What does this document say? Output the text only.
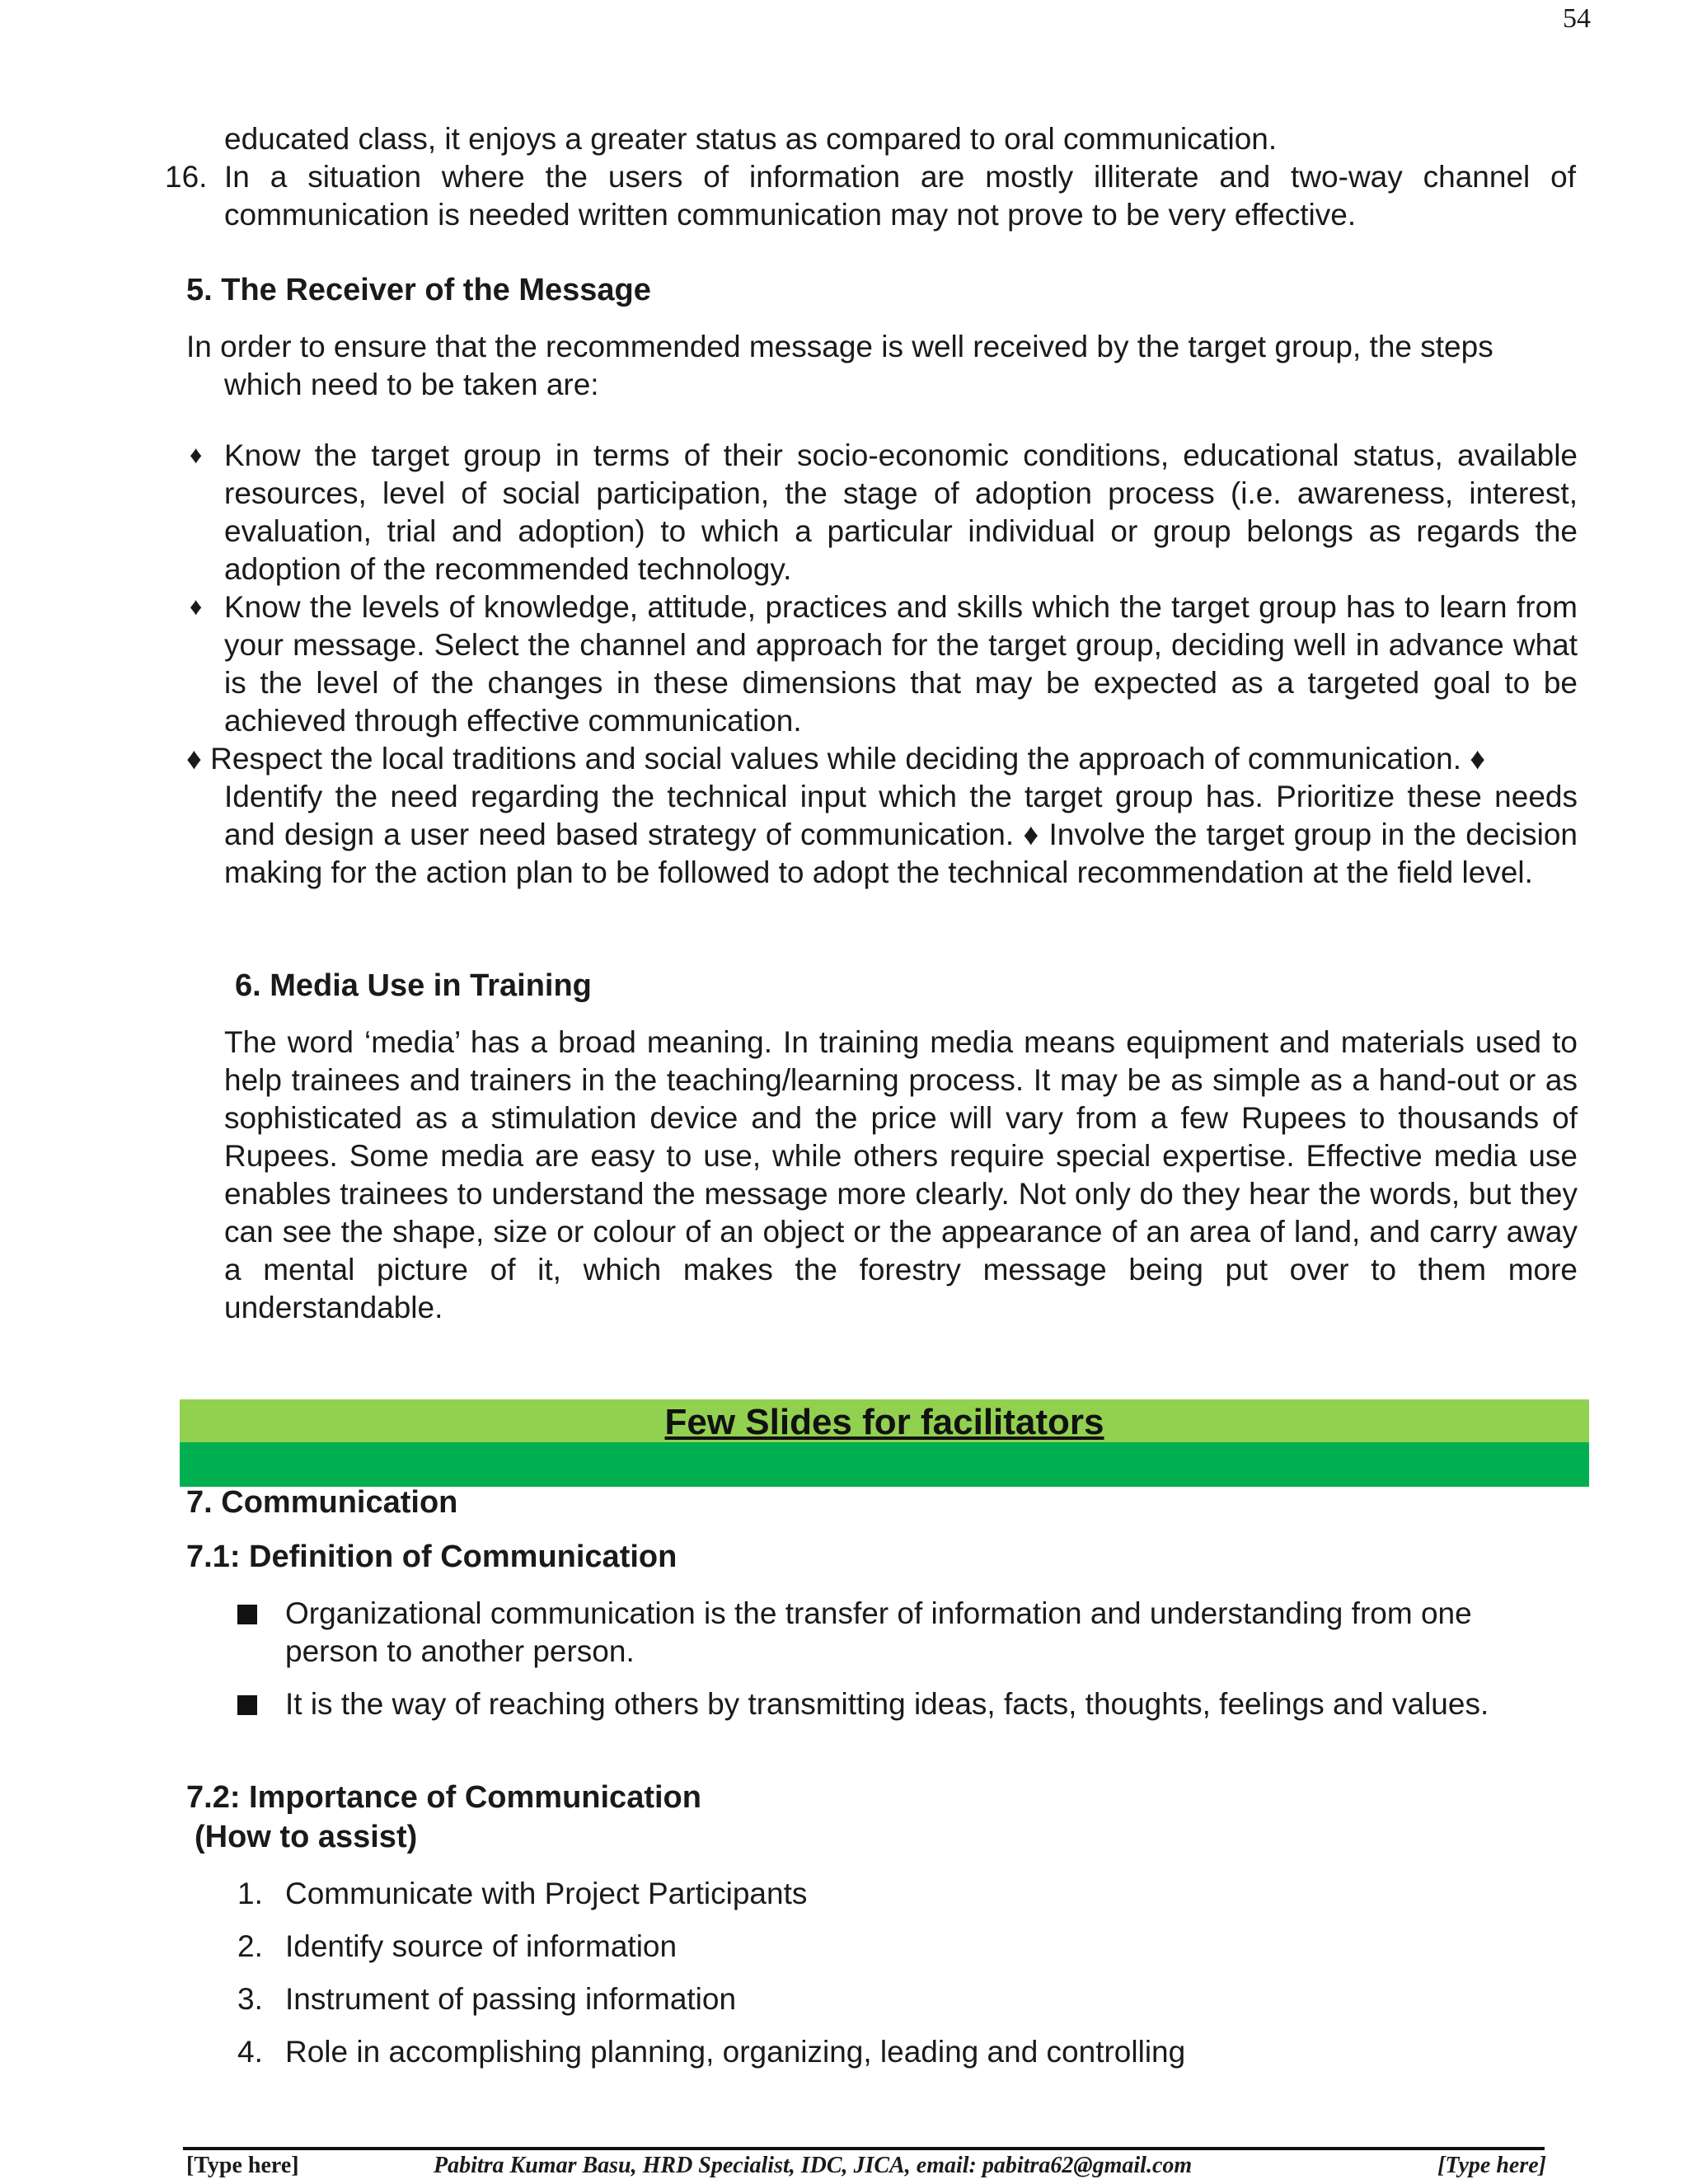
54

educated class, it enjoys a greater status as compared to oral communication.

16. In a situation where the users of information are mostly illiterate and two-way channel of communication is needed written communication may not prove to be very effective.
5. The Receiver of the Message

In order to ensure that the recommended message is well received by the target group, the steps
which need to be taken are:

♦ Know the target group in terms of their socio-economic conditions, educational status, available resources, level of social participation, the stage of adoption process (i.e. awareness, interest, evaluation, trial and adoption) to which a particular individual or group belongs as regards the adoption of the recommended technology.
♦ Know the levels of knowledge, attitude, practices and skills which the target group has to learn from your message. Select the channel and approach for the target group, deciding well in advance what is the level of the changes in these dimensions that may be expected as a targeted goal to be achieved through effective communication.
♦ Respect the local traditions and social values while deciding the approach of communication. ♦
Identify the need regarding the technical input which the target group has. Prioritize these needs and design a user need based strategy of communication. ♦ Involve the target group in the decision making for the action plan to be followed to adopt the technical recommendation at the field level.
6. Media Use in Training

The word ‘media’ has a broad meaning. In training media means equipment and materials used to help trainees and trainers in the teaching/learning process. It may be as simple as a hand-out or as sophisticated as a stimulation device and the price will vary from a few Rupees to thousands of Rupees. Some media are easy to use, while others require special expertise. Effective media use enables trainees to understand the message more clearly. Not only do they hear the words, but they can see the shape, size or colour of an object or the appearance of an area of land, and carry away a mental picture of it, which makes the forestry message being put over to them more understandable.

Few Slides for facilitators
7. Communication
7.1: Definition of Communication
Organizational communication is the transfer of information and understanding from one person to another person.
It is the way of reaching others by transmitting ideas, facts, thoughts, feelings and values.
7.2: Importance of Communication
(How to assist)
1. Communicate with Project Participants
2. Identify source of information
3. Instrument of passing information
4. Role in accomplishing planning, organizing, leading and controlling
[Type here]	Pabitra Kumar Basu, HRD Specialist, IDC, JICA, email: pabitra62@gmail.com	[Type here]
